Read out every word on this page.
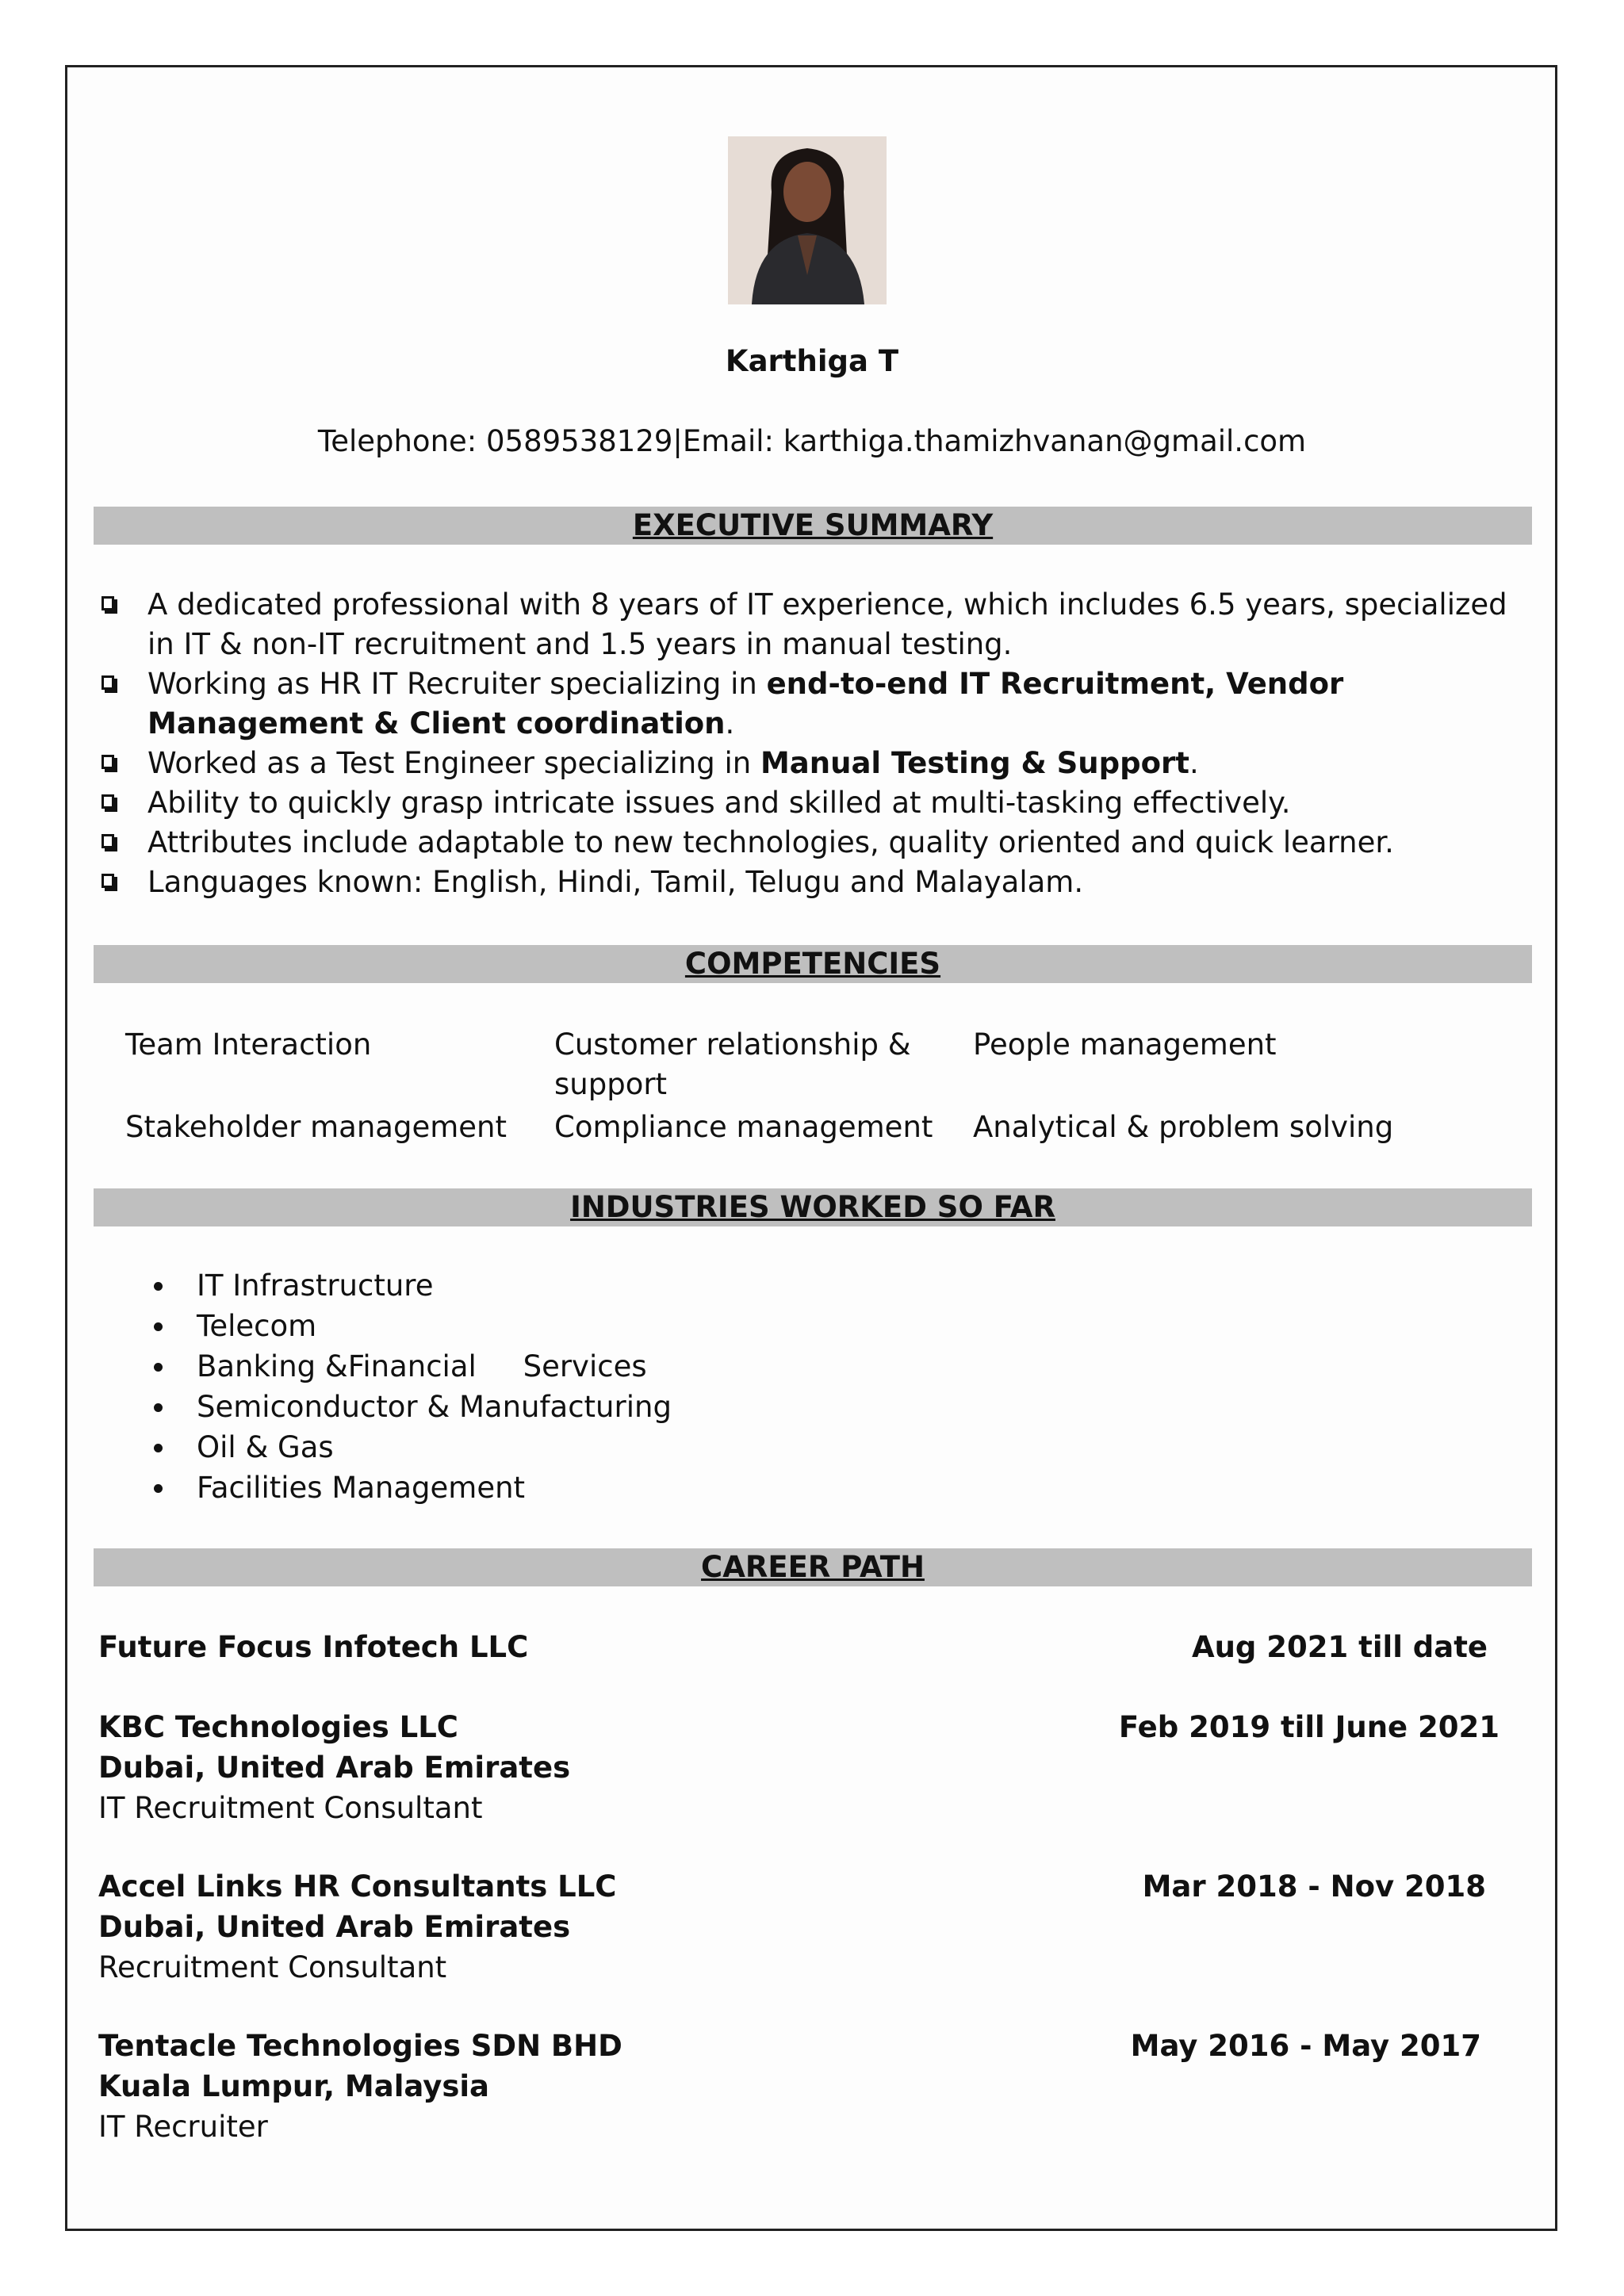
Karthiga T
Telephone: 0589538129|Email: karthiga.thamizhvanan@gmail.com
EXECUTIVE SUMMARY
A dedicated professional with 8 years of IT experience, which includes 6.5 years, specialized in IT & non-IT recruitment and 1.5 years in manual testing.
Working as HR IT Recruiter specializing in end-to-end IT Recruitment, Vendor Management & Client coordination.
Worked as a Test Engineer specializing in Manual Testing & Support.
Ability to quickly grasp intricate issues and skilled at multi-tasking effectively.
Attributes include adaptable to new technologies, quality oriented and quick learner.
Languages known: English, Hindi, Tamil, Telugu and Malayalam.
COMPETENCIES
Team Interaction	Customer relationship & support
People management
Stakeholder management Compliance management Analytical & problem solving
INDUSTRIES WORKED SO FAR
IT Infrastructure
Telecom
Banking &Financial     Services
Semiconductor & Manufacturing
Oil & Gas
Facilities Management
CAREER PATH
Future Focus Infotech LLC	Aug 2021 till date
KBC Technologies LLC
Dubai, United Arab Emirates
IT Recruitment Consultant
Feb 2019 till June 2021
Accel Links HR Consultants LLC
Dubai, United Arab Emirates
Recruitment Consultant
Mar 2018 - Nov 2018
Tentacle Technologies SDN BHD
Kuala Lumpur, Malaysia
IT Recruiter
May 2016 - May 2017
